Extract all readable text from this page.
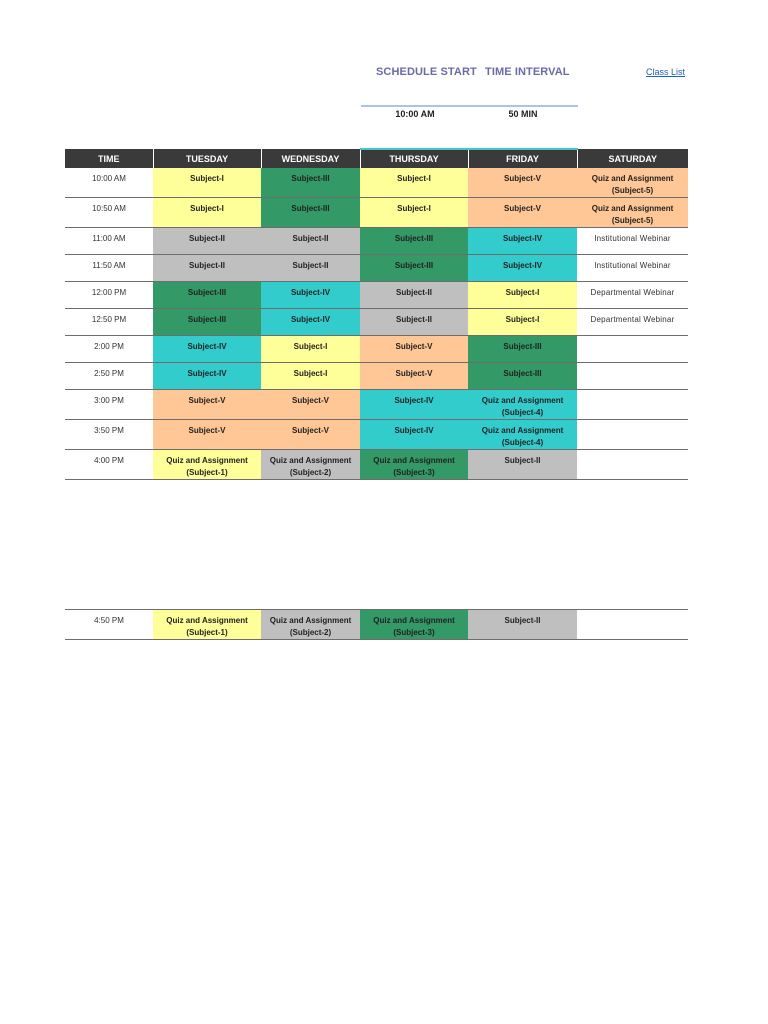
SCHEDULE START TIME INTERVAL	Class List
10:00 AM	50 MIN
TIME	TUESDAY	WEDNESDAY	THURSDAY	FRIDAY	SATURDAY
10:00 AM	Subject-I	Subject-III	Subject-I	Subject-V	Quiz and Assignment
(Subject-5)
10:50 AM	Subject-I	Subject-III	Subject-I	Subject-V	Quiz and Assignment
(Subject-5)
11:00 AM	Subject-II	Subject-II	Subject-III	Subject-IV	Institutional Webinar
11:50 AM	Subject-II	Subject-II	Subject-III	Subject-IV	Institutional Webinar
12:00 PM	Subject-III	Subject-IV	Subject-II	Subject-I	Departmental Webinar
12:50 PM	Subject-III	Subject-IV	Subject-II	Subject-I	Departmental Webinar
2:00 PM	Subject-IV	Subject-I	Subject-V	Subject-III	
2:50 PM	Subject-IV	Subject-I	Subject-V	Subject-III	
3:00 PM	Subject-V	Subject-V	Subject-IV	Quiz and Assignment
(Subject-4)	
3:50 PM	Subject-V	Subject-V	Subject-IV	Quiz and Assignment
(Subject-4)	
4:00 PM	Quiz and Assignment
(Subject-1)	Quiz and Assignment
(Subject-2)	Quiz and Assignment
(Subject-3)	Subject-II	
4:50 PM	Quiz and Assignment
(Subject-1)	Quiz and Assignment
(Subject-2)	Quiz and Assignment
(Subject-3)	Subject-II	
